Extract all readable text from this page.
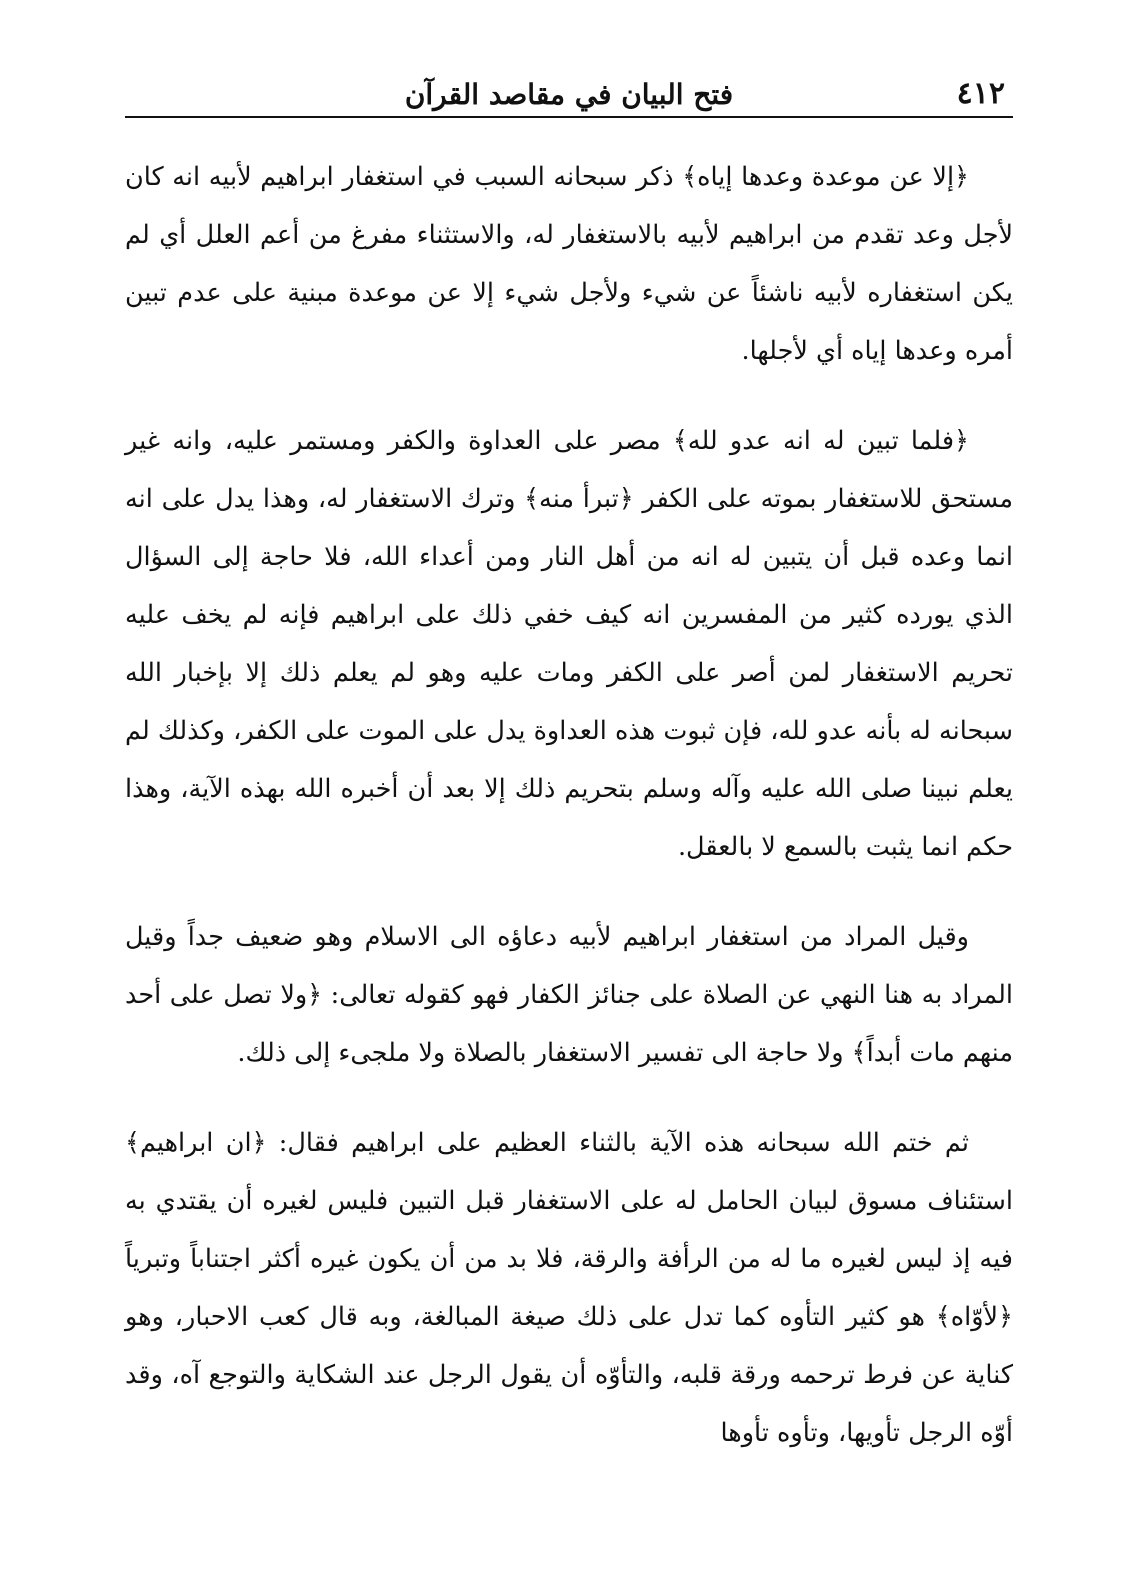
٤١٢
فتح البيان في مقاصد القرآن

﴿إلا عن موعدة وعدها إياه﴾ ذكر سبحانه السبب في استغفار ابراهيم لأبيه انه كان لأجل وعد تقدم من ابراهيم لأبيه بالاستغفار له، والاستثناء مفرغ من أعم العلل أي لم يكن استغفاره لأبيه ناشئاً عن شيء ولأجل شيء إلا عن موعدة مبنية على عدم تبين أمره وعدها إياه أي لأجلها.

﴿فلما تبين له انه عدو لله﴾ مصر على العداوة والكفر ومستمر عليه، وانه غير مستحق للاستغفار بموته على الكفر ﴿تبرأ منه﴾ وترك الاستغفار له، وهذا يدل على انه انما وعده قبل أن يتبين له انه من أهل النار ومن أعداء الله، فلا حاجة إلى السؤال الذي يورده كثير من المفسرين انه كيف خفي ذلك على ابراهيم فإنه لم يخف عليه تحريم الاستغفار لمن أصر على الكفر ومات عليه وهو لم يعلم ذلك إلا بإخبار الله سبحانه له بأنه عدو لله، فإن ثبوت هذه العداوة يدل على الموت على الكفر، وكذلك لم يعلم نبينا صلى الله عليه وآله وسلم بتحريم ذلك إلا بعد أن أخبره الله بهذه الآية، وهذا حكم انما يثبت بالسمع لا بالعقل.

وقيل المراد من استغفار ابراهيم لأبيه دعاؤه الى الاسلام وهو ضعيف جداً وقيل المراد به هنا النهي عن الصلاة على جنائز الكفار فهو كقوله تعالى: ﴿ولا تصل على أحد منهم مات أبداً﴾ ولا حاجة الى تفسير الاستغفار بالصلاة ولا ملجىء إلى ذلك.

ثم ختم الله سبحانه هذه الآية بالثناء العظيم على ابراهيم فقال: ﴿ان ابراهيم﴾ استئناف مسوق لبيان الحامل له على الاستغفار قبل التبين فليس لغيره أن يقتدي به فيه إذ ليس لغيره ما له من الرأفة والرقة، فلا بد من أن يكون غيره أكثر اجتناباً وتبرياً ﴿لأوّاه﴾ هو كثير التأوه كما تدل على ذلك صيغة المبالغة، وبه قال كعب الاحبار، وهو كناية عن فرط ترحمه ورقة قلبه، والتأوّه أن يقول الرجل عند الشكاية والتوجع آه، وقد أوّه الرجل تأويها، وتأوه تأوها
